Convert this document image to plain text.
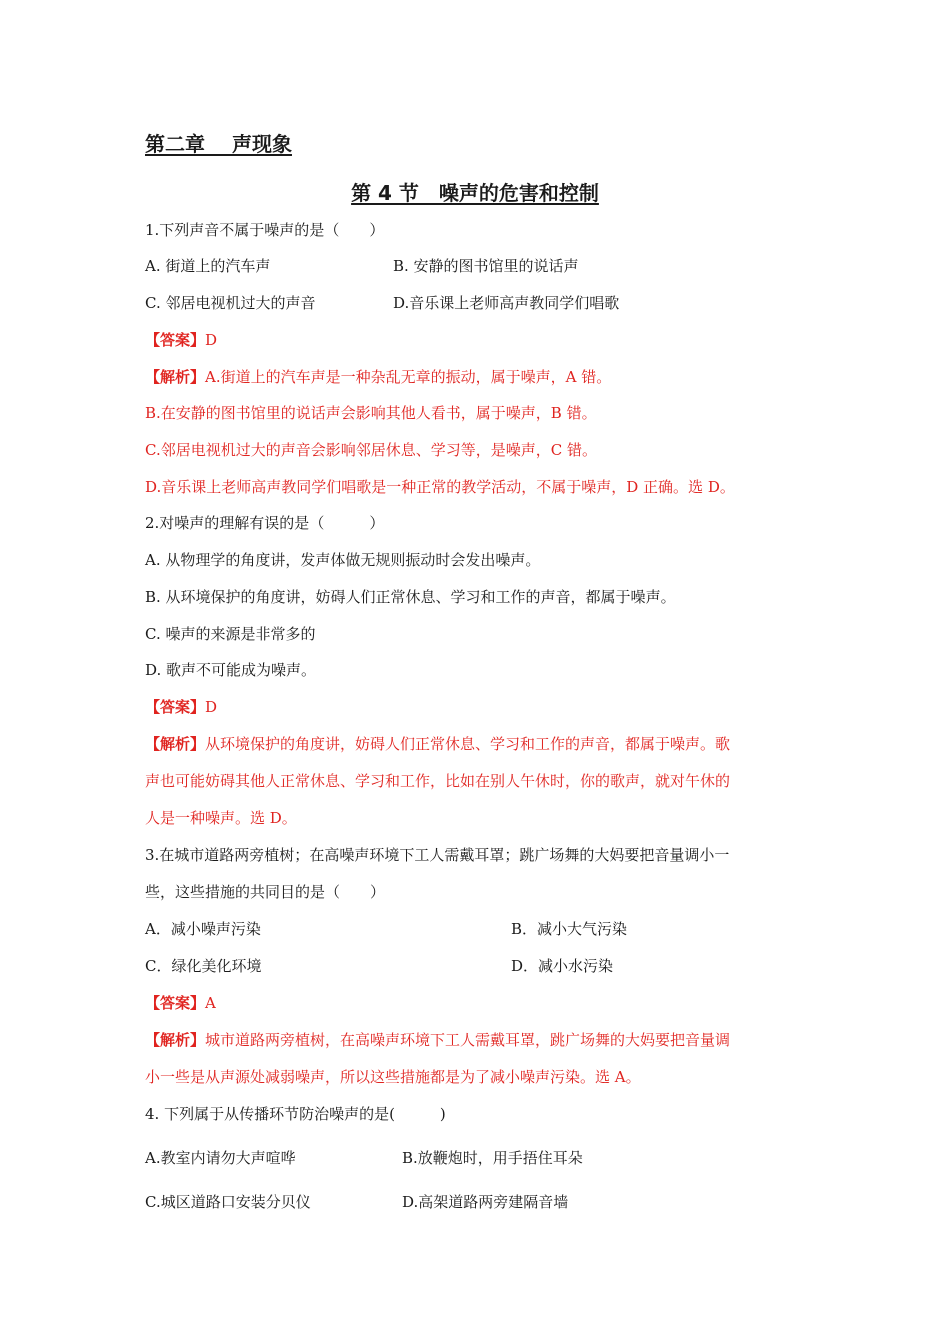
第二章　 声现象
第 4 节　噪声的危害和控制
1.下列声音不属于噪声的是（　　）
A. 街道上的汽车声	B. 安静的图书馆里的说话声
C. 邻居电视机过大的声音	D.音乐课上老师高声教同学们唱歌
【答案】D
【解析】A.街道上的汽车声是一种杂乱无章的振动，属于噪声，A 错。
B.在安静的图书馆里的说话声会影响其他人看书，属于噪声，B 错。
C.邻居电视机过大的声音会影响邻居休息、学习等，是噪声，C 错。
D.音乐课上老师高声教同学们唱歌是一种正常的教学活动，不属于噪声，D 正确。选 D。
2.对噪声的理解有误的是（　　　）
A. 从物理学的角度讲，发声体做无规则振动时会发出噪声。
B. 从环境保护的角度讲，妨碍人们正常休息、学习和工作的声音，都属于噪声。
C. 噪声的来源是非常多的
D. 歌声不可能成为噪声。
【答案】D
【解析】从环境保护的角度讲，妨碍人们正常休息、学习和工作的声音，都属于噪声。歌
声也可能妨碍其他人正常休息、学习和工作，比如在别人午休时，你的歌声，就对午休的
人是一种噪声。选 D。
3.在城市道路两旁植树；在高噪声环境下工人需戴耳罩；跳广场舞的大妈要把音量调小一
些，这些措施的共同目的是（　　）
A．减小噪声污染	B．减小大气污染
C．绿化美化环境	D．减小水污染
【答案】A
【解析】城市道路两旁植树，在高噪声环境下工人需戴耳罩，跳广场舞的大妈要把音量调
小一些是从声源处减弱噪声，所以这些措施都是为了减小噪声污染。选 A。
4. 下列属于从传播环节防治噪声的是(　　　)
A.教室内请勿大声喧哗	B.放鞭炮时，用手捂住耳朵
C.城区道路口安装分贝仪	D.高架道路两旁建隔音墙
